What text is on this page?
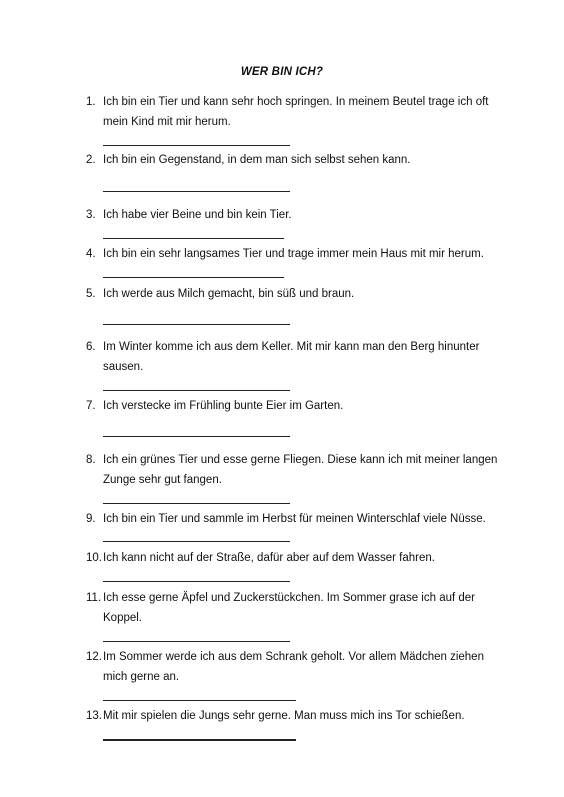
WER BIN ICH?
1. Ich bin ein Tier und kann sehr hoch springen. In meinem Beutel trage ich oft mein Kind mit mir herum.
2. Ich bin ein Gegenstand, in dem man sich selbst sehen kann.
3. Ich habe vier Beine und bin kein Tier.
4. Ich bin ein sehr langsames Tier und trage immer mein Haus mit mir herum.
5. Ich werde aus Milch gemacht, bin süß und braun.
6. Im Winter komme ich aus dem Keller. Mit mir kann man den Berg hinunter sausen.
7. Ich verstecke im Frühling bunte Eier im Garten.
8. Ich ein grünes Tier und esse gerne Fliegen. Diese kann ich mit meiner langen Zunge sehr gut fangen.
9. Ich bin ein Tier und sammle im Herbst für meinen Winterschlaf viele Nüsse.
10. Ich kann nicht auf der Straße, dafür aber auf dem Wasser fahren.
11. Ich esse gerne Äpfel und Zuckerstückchen. Im Sommer grase ich auf der Koppel.
12. Im Sommer werde ich aus dem Schrank geholt. Vor allem Mädchen ziehen mich gerne an.
13. Mit mir spielen die Jungs sehr gerne. Man muss mich ins Tor schießen.
